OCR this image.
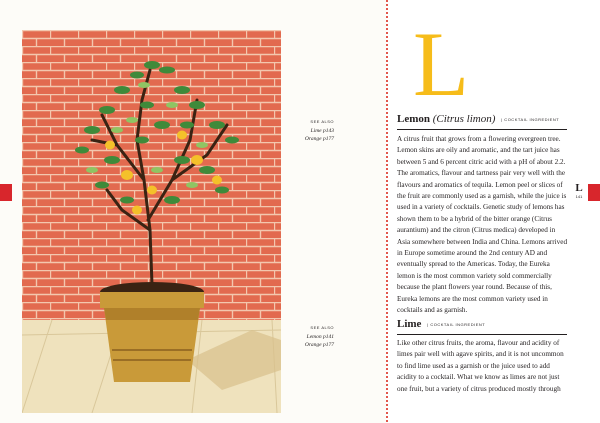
SEE ALSO
Lime p143
Orange p177
SEE ALSO
Lemon p141
Orange p177
L
Lemon (Citrus limon) | COCKTAIL INGREDIENT

A citrus fruit that grows from a flowering evergreen tree. Lemon skins are oily and aromatic, and the tart juice has between 5 and 6 percent citric acid with a pH of about 2.2. The aromatics, flavour and tartness pair very well with the flavours and aromatics of tequila. Lemon peel or slices of the fruit are commonly used as a garnish, while the juice is used in a variety of cocktails. Genetic study of lemons has shown them to be a hybrid of the bitter orange (Citrus aurantium) and the citron (Citrus medica) developed in Asia somewhere between India and China. Lemons arrived in Europe sometime around the 2nd century AD and eventually spread to the Americas. Today, the Eureka lemon is the most common variety sold commercially because the plant flowers year round. Because of this, Eureka lemons are the most common variety used in cocktails and as garnish.

Lime | COCKTAIL INGREDIENT

Like other citrus fruits, the aroma, flavour and acidity of limes pair well with agave spirits, and it is not uncommon to find lime used as a garnish or the juice used to add acidity to a cocktail. What we know as limes are not just one fruit, but a variety of citrus produced mostly through

L
141
